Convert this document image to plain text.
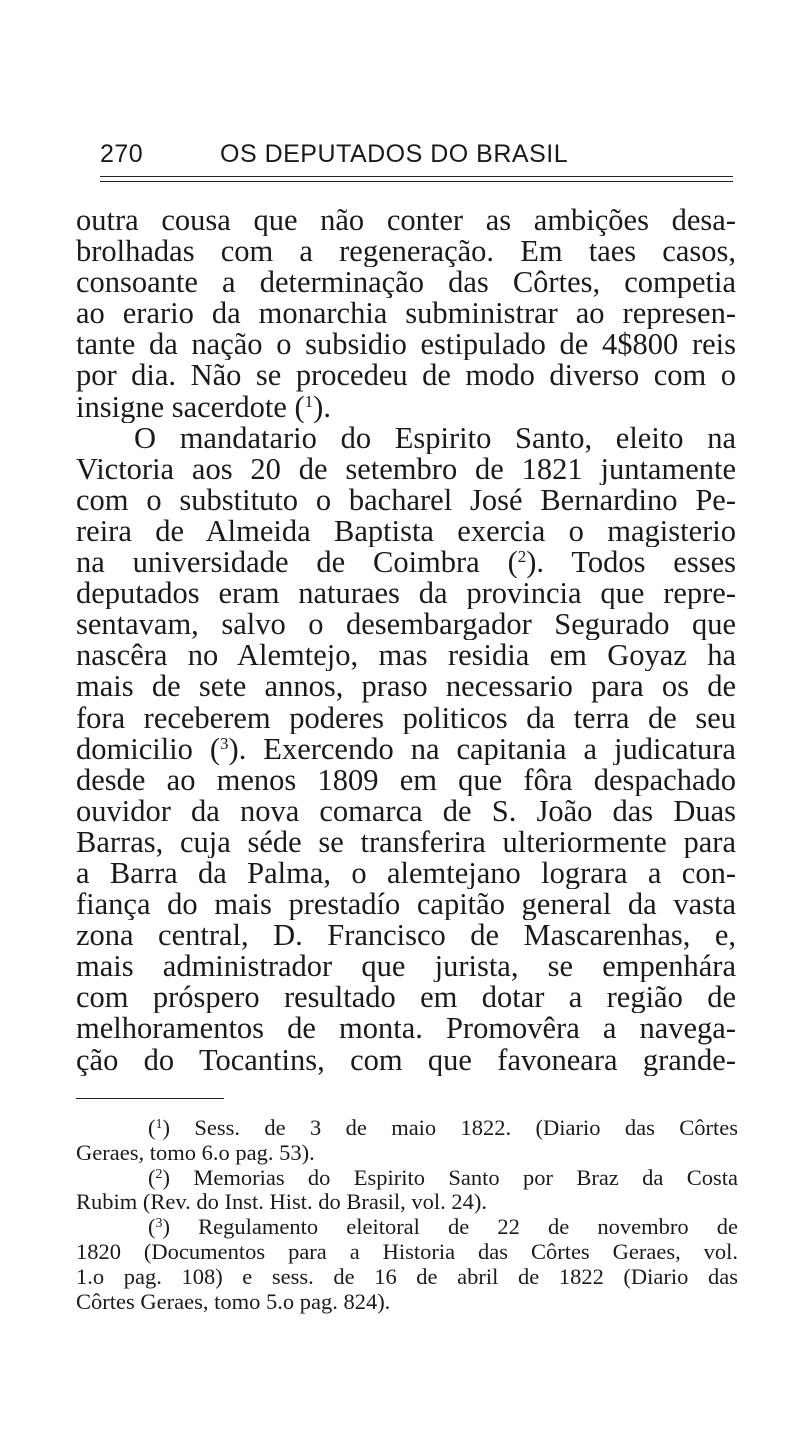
270	OS DEPUTADOS DO BRASIL
outra cousa que não conter as ambições desa-
brolhadas com a regeneração. Em taes casos,
consoante a determinação das Côrtes, competia
ao erario da monarchia subministrar ao represen-
tante da nação o subsidio estipulado de 4$800 reis
por dia. Não se procedeu de modo diverso com o
insigne sacerdote ($^1$).
O mandatario do Espirito Santo, eleito na
Victoria aos 20 de setembro de 1821 juntamente
com o substituto o bacharel José Bernardino Pe-
reira de Almeida Baptista exercia o magisterio
na universidade de Coimbra ($^2$). Todos esses
deputados eram naturaes da provincia que repre-
sentavam, salvo o desembargador Segurado que
nascêra no Alemtejo, mas residia em Goyaz ha
mais de sete annos, praso necessario para os de
fora receberem poderes politicos da terra de seu
domicilio ($^3$). Exercendo na capitania a judicatura
desde ao menos 1809 em que fôra despachado
ouvidor da nova comarca de S. João das Duas
Barras, cuja séde se transferira ulteriormente para
a Barra da Palma, o alemtejano lograra a con-
fiança do mais prestadío capitão general da vasta
zona central, D. Francisco de Mascarenhas, e,
mais administrador que jurista, se empenhára
com próspero resultado em dotar a região de
melhoramentos de monta. Promovêra a navega-
ção do Tocantins, com que favoneara grande-
($^1$) Sess. de 3 de maio 1822. (Diario das Côrtes
Geraes, tomo 6.o pag. 53).
($^2$) Memorias do Espirito Santo por Braz da Costa
Rubim (Rev. do Inst. Hist. do Brasil, vol. 24).
($^3$) Regulamento eleitoral de 22 de novembro de
1820 (Documentos para a Historia das Côrtes Geraes, vol.
1.o pag. 108) e sess. de 16 de abril de 1822 (Diario das
Côrtes Geraes, tomo 5.o pag. 824).
